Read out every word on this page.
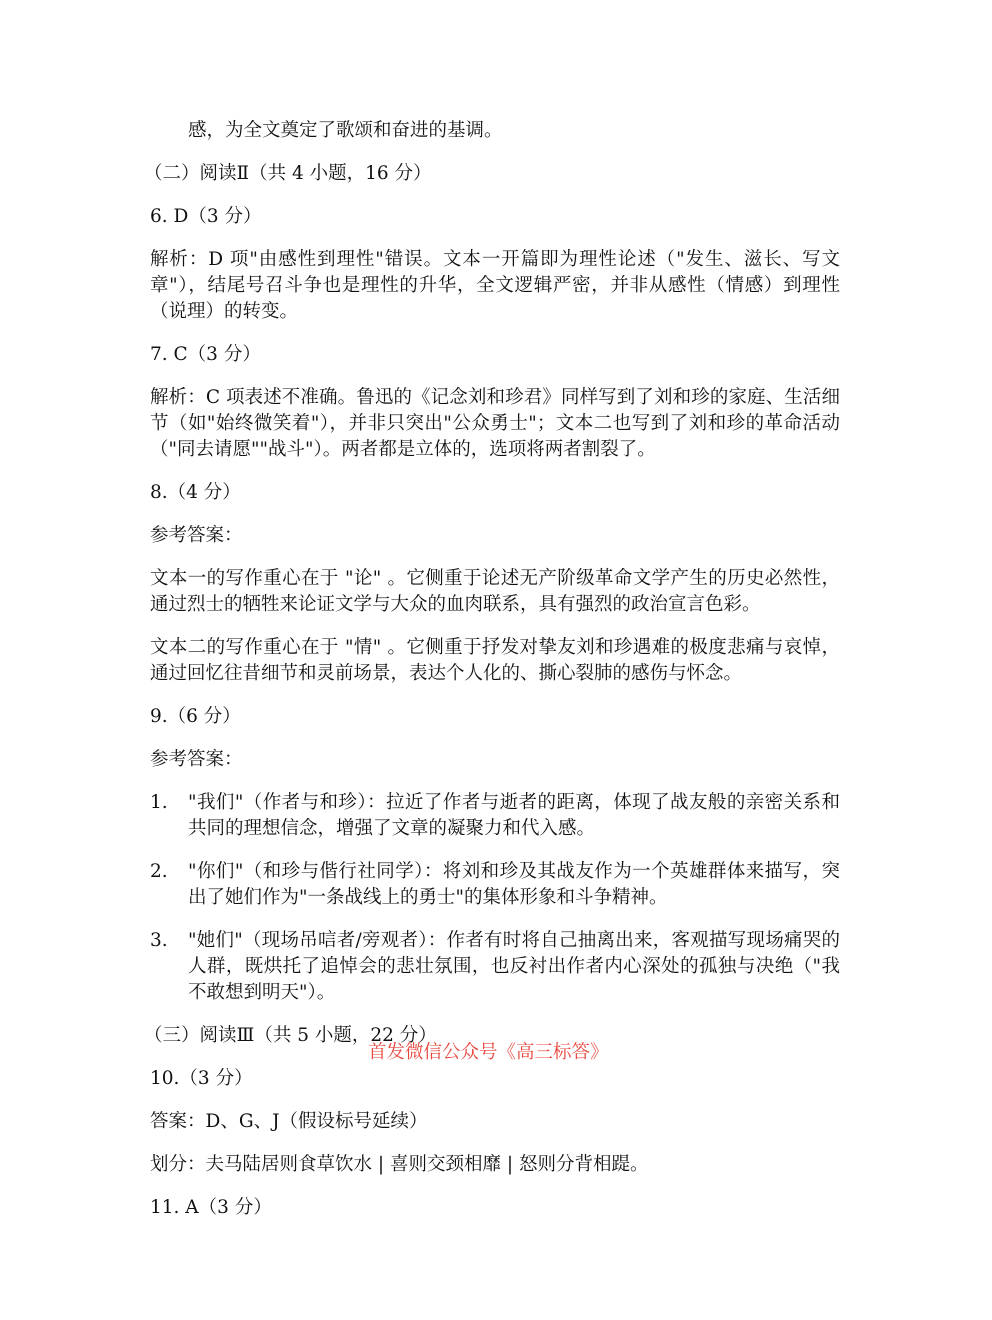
感，为全文奠定了歌颂和奋进的基调。

（二）阅读Ⅱ（共 4 小题，16 分）

6. D（3 分）

解析：D 项"由感性到理性"错误。文本一开篇即为理性论述（"发生、滋长、写文章"），结尾号召斗争也是理性的升华，全文逻辑严密，并非从感性（情感）到理性（说理）的转变。

7. C（3 分）

解析：C 项表述不准确。鲁迅的《记念刘和珍君》同样写到了刘和珍的家庭、生活细节（如"始终微笑着"），并非只突出"公众勇士"；文本二也写到了刘和珍的革命活动（"同去请愿""战斗"）。两者都是立体的，选项将两者割裂了。

8.（4 分）

参考答案：

文本一的写作重心在于 "论" 。它侧重于论述无产阶级革命文学产生的历史必然性，通过烈士的牺牲来论证文学与大众的血肉联系，具有强烈的政治宣言色彩。

文本二的写作重心在于 "情" 。它侧重于抒发对挚友刘和珍遇难的极度悲痛与哀悼，通过回忆往昔细节和灵前场景，表达个人化的、撕心裂肺的感伤与怀念。

9.（6 分）

参考答案：

1. "我们"（作者与和珍）：拉近了作者与逝者的距离，体现了战友般的亲密关系和共同的理想信念，增强了文章的凝聚力和代入感。
2. "你们"（和珍与偕行社同学）：将刘和珍及其战友作为一个英雄群体来描写，突出了她们作为"一条战线上的勇士"的集体形象和斗争精神。
3. "她们"（现场吊唁者/旁观者）：作者有时将自己抽离出来，客观描写现场痛哭的人群，既烘托了追悼会的悲壮氛围，也反衬出作者内心深处的孤独与决绝（"我不敢想到明天"）。

（三）阅读Ⅲ（共 5 小题，22 分）

10.（3 分）

答案：D、G、J（假设标号延续）

划分：夫马陆居则食草饮水 | 喜则交颈相靡 | 怒则分背相踶。

11. A（3 分）

首发微信公众号《高三标答》
